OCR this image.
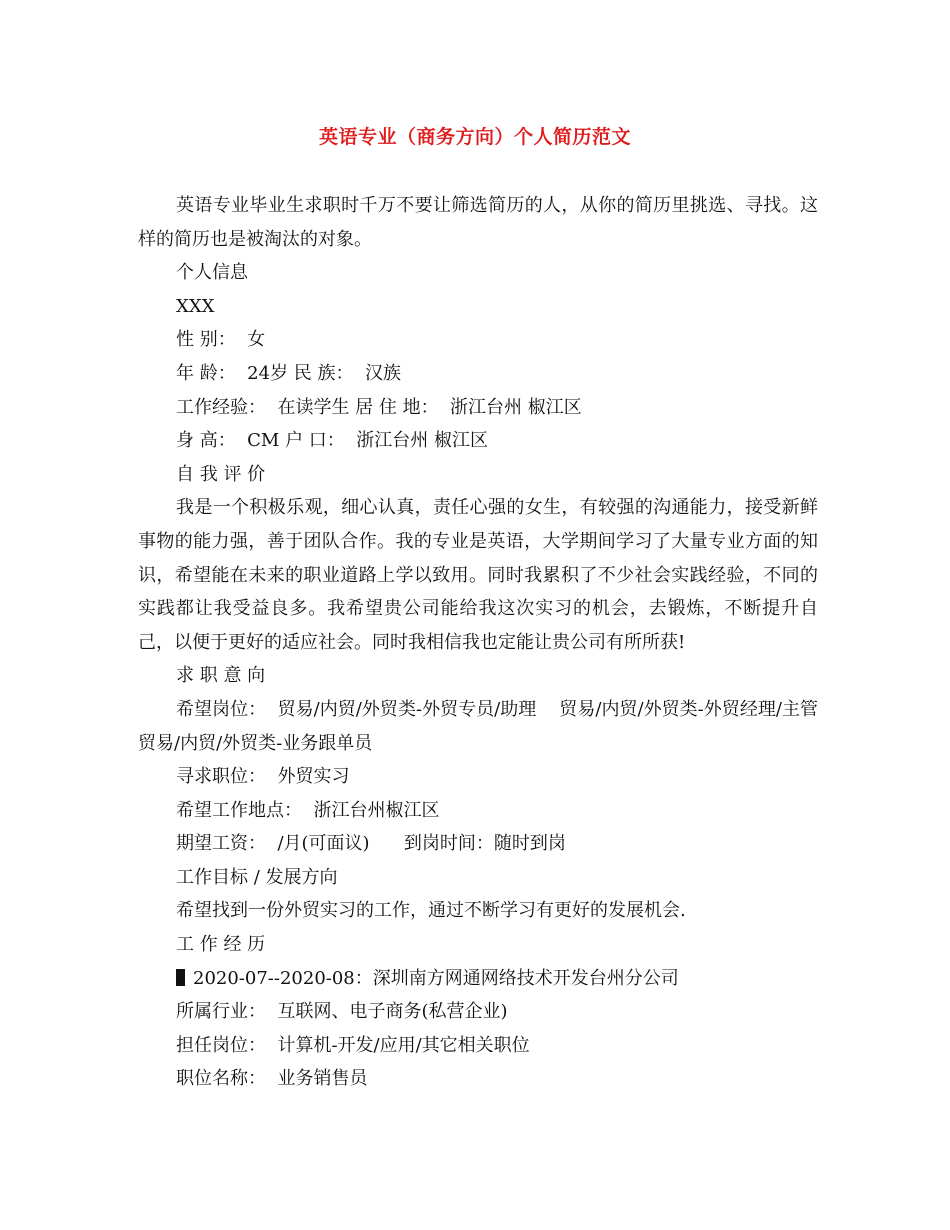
英语专业（商务方向）个人简历范文

英语专业毕业生求职时千万不要让筛选简历的人，从你的简历里挑选、寻找。这样的简历也是被淘汰的对象。

个人信息

XXX

性 别：  女

年 龄：  24岁 民 族：  汉族

工作经验：  在读学生 居 住 地：  浙江台州 椒江区

身 高：  CM 户 口：  浙江台州 椒江区

自 我 评 价

我是一个积极乐观，细心认真，责任心强的女生，有较强的沟通能力，接受新鲜事物的能力强，善于团队合作。我的专业是英语，大学期间学习了大量专业方面的知识，希望能在未来的职业道路上学以致用。同时我累积了不少社会实践经验，不同的实践都让我受益良多。我希望贵公司能给我这次实习的机会，去锻炼，不断提升自己，以便于更好的适应社会。同时我相信我也定能让贵公司有所所获!

求 职 意 向

希望岗位：  贸易/内贸/外贸类-外贸专员/助理    贸易/内贸/外贸类-外贸经理/主管    贸易/内贸/外贸类-业务跟单员

寻求职位：  外贸实习

希望工作地点：  浙江台州椒江区

期望工资：  /月(可面议)      到岗时间：随时到岗

工作目标 / 发展方向

希望找到一份外贸实习的工作，通过不断学习有更好的发展机会.

工 作 经 历

2020-07--2020-08：深圳南方网通网络技术开发台州分公司

所属行业：  互联网、电子商务(私营企业)

担任岗位：  计算机-开发/应用/其它相关职位

职位名称：  业务销售员
